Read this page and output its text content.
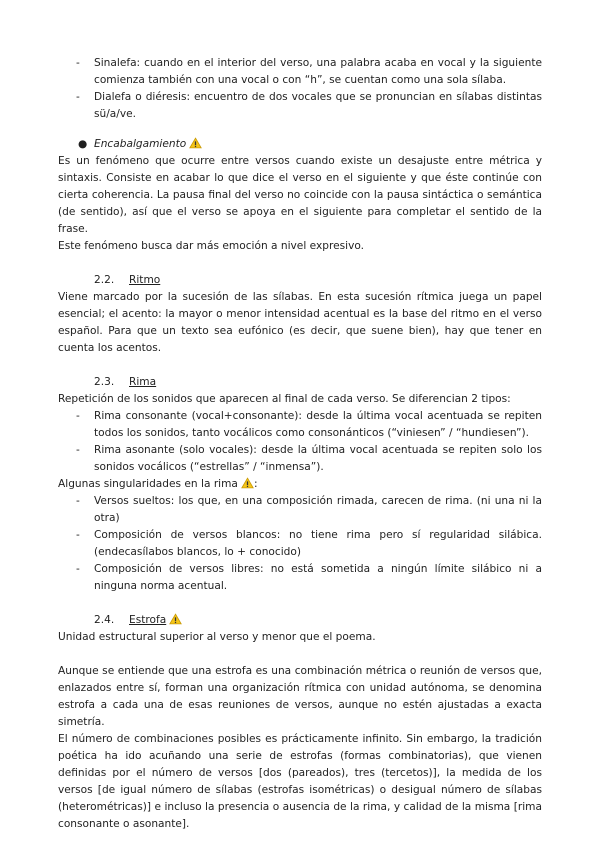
- Sinalefa: cuando en el interior del verso, una palabra acaba en vocal y la siguiente comienza también con una vocal o con “h”, se cuentan como una sola sílaba.
- Dialefa o diéresis: encuentro de dos vocales que se pronuncian en sílabas distintas sü/a/ve.
● Encabalgamiento
Es un fenómeno que ocurre entre versos cuando existe un desajuste entre métrica y sintaxis. Consiste en acabar lo que dice el verso en el siguiente y que éste continúe con cierta coherencia. La pausa final del verso no coincide con la pausa sintáctica o semántica (de sentido), así que el verso se apoya en el siguiente para completar el sentido de la frase.
Este fenómeno busca dar más emoción a nivel expresivo.
2.2. Ritmo
Viene marcado por la sucesión de las sílabas. En esta sucesión rítmica juega un papel esencial; el acento: la mayor o menor intensidad acentual es la base del ritmo en el verso español. Para que un texto sea eufónico (es decir, que suene bien), hay que tener en cuenta los acentos.
2.3. Rima
Repetición de los sonidos que aparecen al final de cada verso. Se diferencian 2 tipos:
- Rima consonante (vocal+consonante): desde la última vocal acentuada se repiten todos los sonidos, tanto vocálicos como consonánticos (“viniesen” / “hundiesen”).
- Rima asonante (solo vocales): desde la última vocal acentuada se repiten solo los sonidos vocálicos (“estrellas” / “inmensa”).
Algunas singularidades en la rima :
- Versos sueltos: los que, en una composición rimada, carecen de rima. (ni una ni la otra)
- Composición de versos blancos: no tiene rima pero sí regularidad silábica. (endecasílabos blancos, lo + conocido)
- Composición de versos libres: no está sometida a ningún límite silábico ni a ninguna norma acentual.
2.4. Estrofa
Unidad estructural superior al verso y menor que el poema.
Aunque se entiende que una estrofa es una combinación métrica o reunión de versos que, enlazados entre sí, forman una organización rítmica con unidad autónoma, se denomina estrofa a cada una de esas reuniones de versos, aunque no estén ajustadas a exacta simetría.
El número de combinaciones posibles es prácticamente infinito. Sin embargo, la tradición poética ha ido acuñando una serie de estrofas (formas combinatorias), que vienen definidas por el número de versos [dos (pareados), tres (tercetos)], la medida de los versos [de igual número de sílabas (estrofas isométricas) o desigual número de sílabas (heterométricas)] e incluso la presencia o ausencia de la rima, y calidad de la misma [rima consonante o asonante].
